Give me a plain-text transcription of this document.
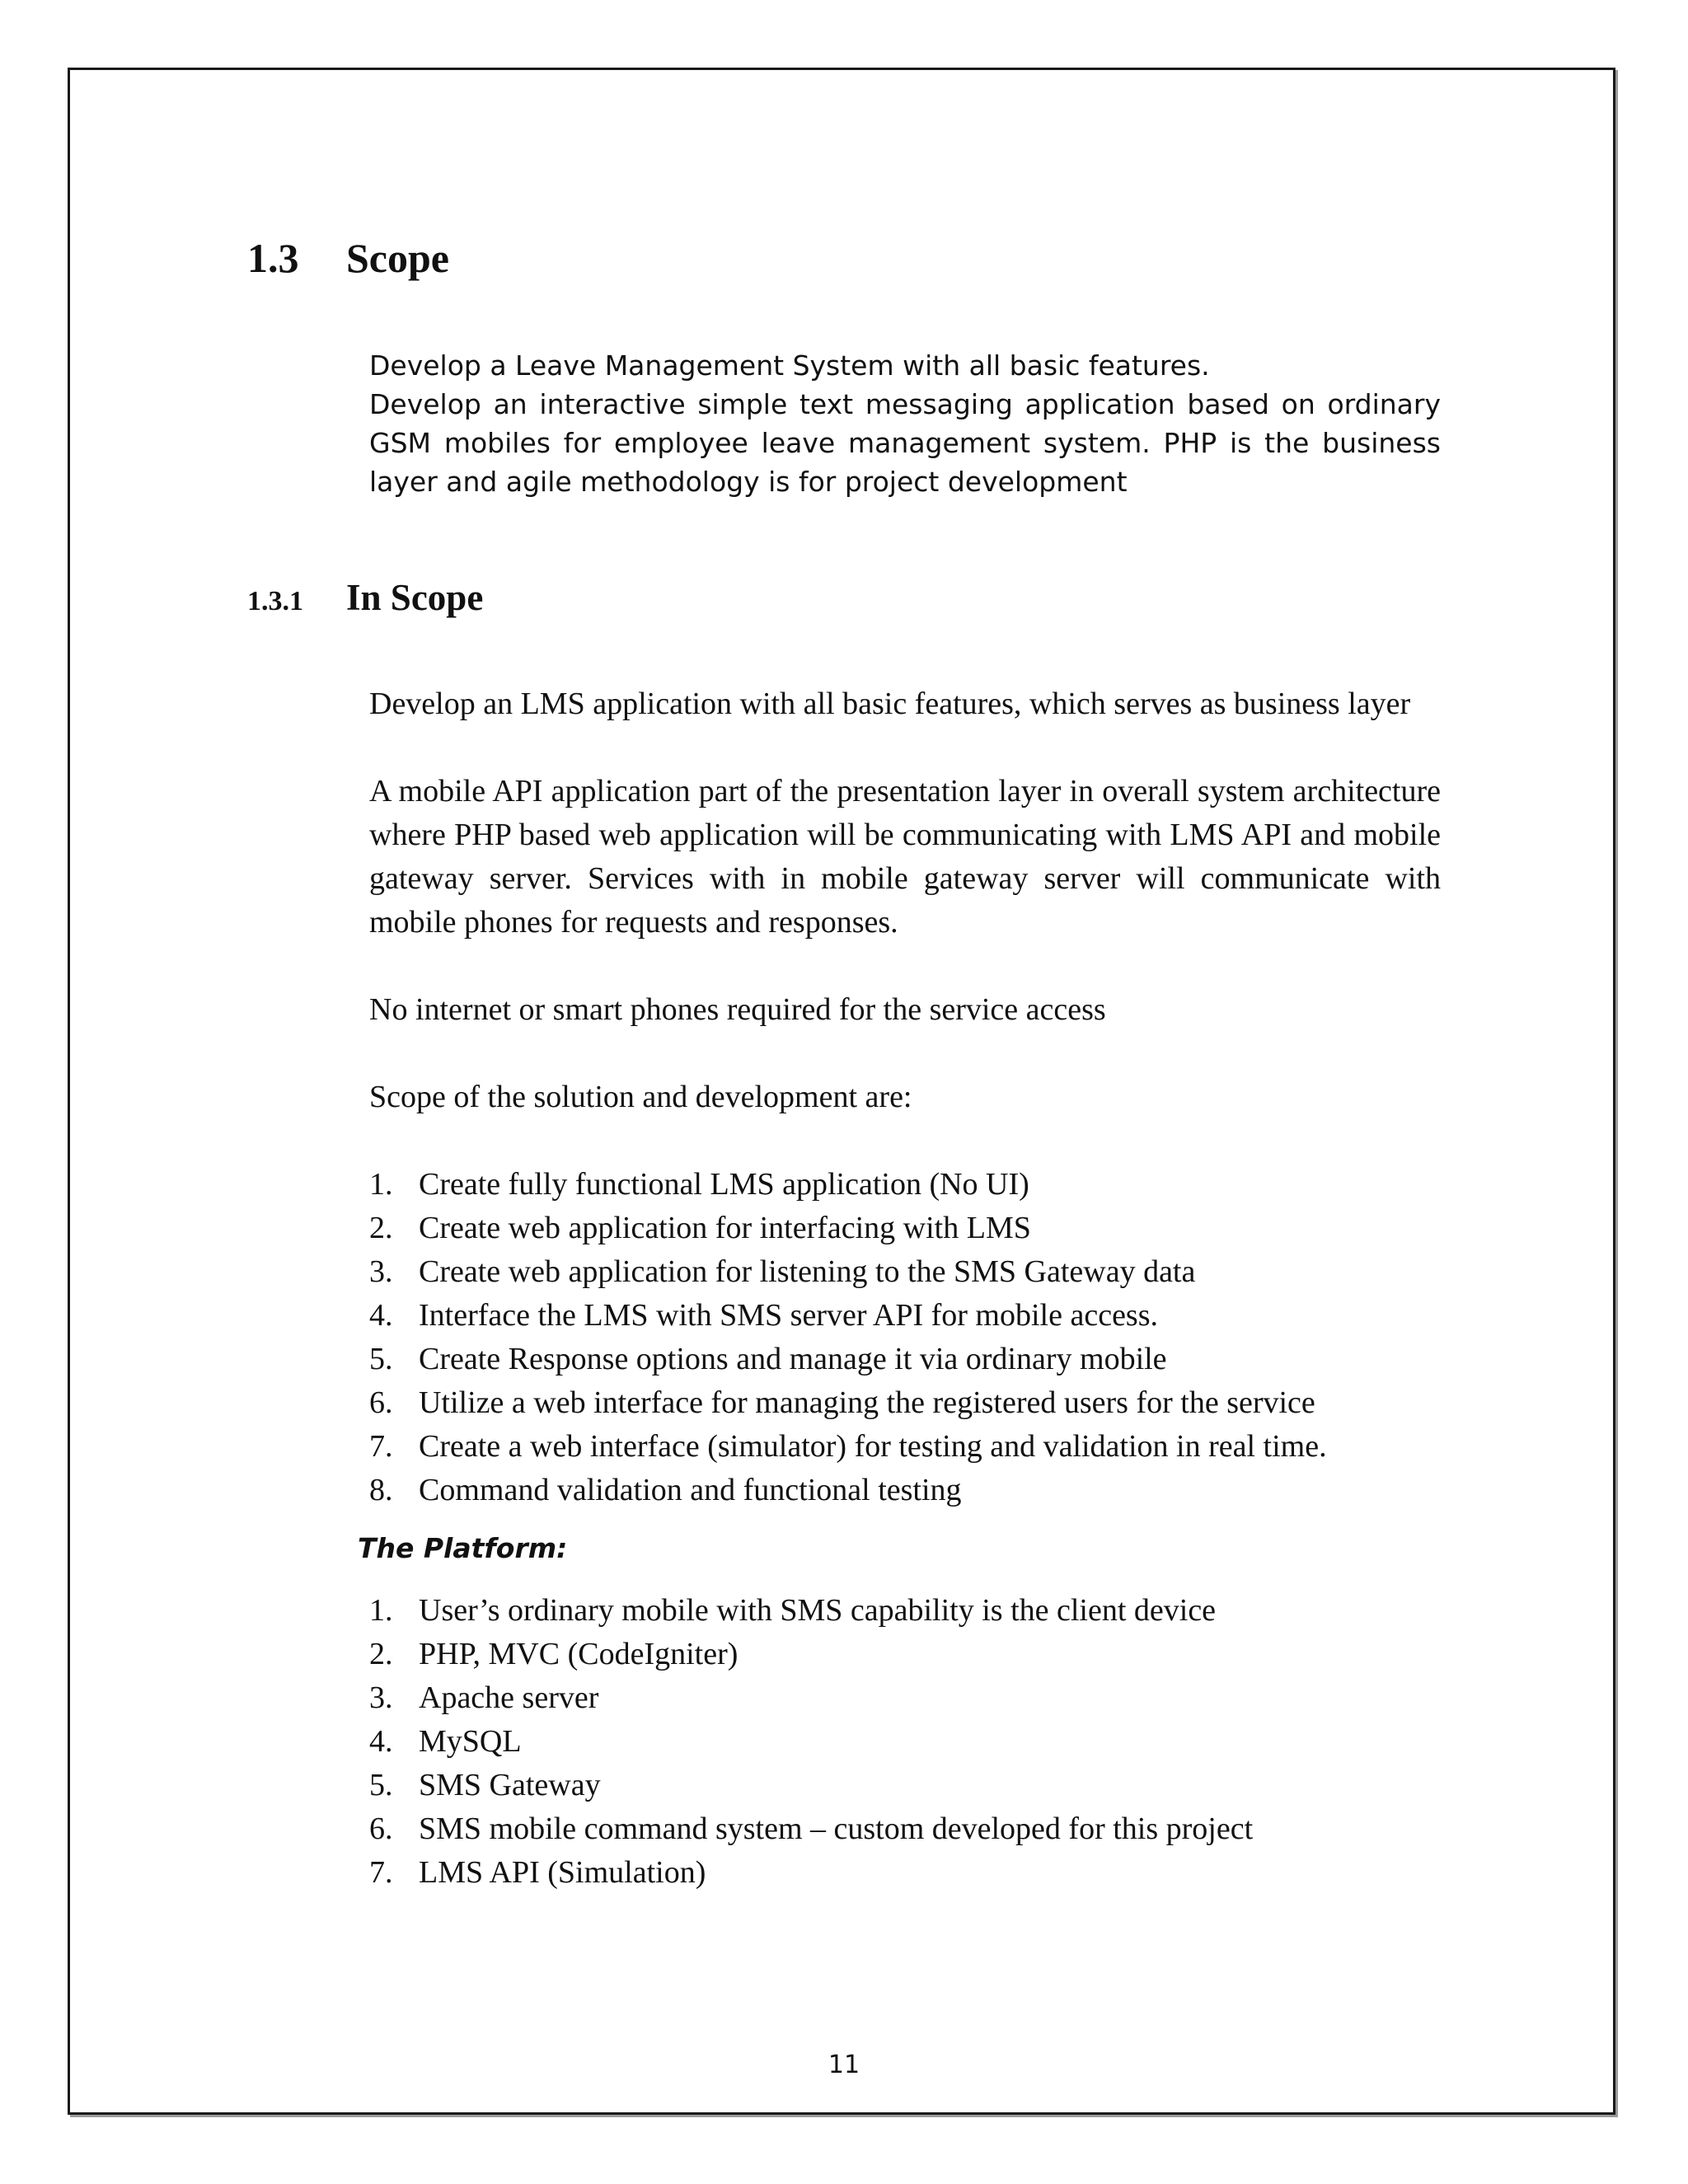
1.3 Scope

Develop a Leave Management System with all basic features.

Develop an interactive simple text messaging application based on ordinary GSM mobiles for employee leave management system. PHP is the business layer and agile methodology is for project development

1.3.1 In Scope

Develop an LMS application with all basic features, which serves as business layer

A mobile API application part of the presentation layer in overall system architecture where PHP based web application will be communicating with LMS API and mobile gateway server. Services with in mobile gateway server will communicate with mobile phones for requests and responses.

No internet or smart phones required for the service access

Scope of the solution and development are:

1. Create fully functional LMS application (No UI)
2. Create web application for interfacing with LMS
3. Create web application for listening to the SMS Gateway data
4. Interface the LMS with SMS server API for mobile access.
5. Create Response options and manage it via ordinary mobile
6. Utilize a web interface for managing the registered users for the service
7. Create a web interface (simulator) for testing and validation in real time.
8. Command validation and functional testing
The Platform:
1. User’s ordinary mobile with SMS capability is the client device
2. PHP, MVC (CodeIgniter)
3. Apache server
4. MySQL
5. SMS Gateway
6. SMS mobile command system – custom developed for this project
7. LMS API (Simulation)
11
